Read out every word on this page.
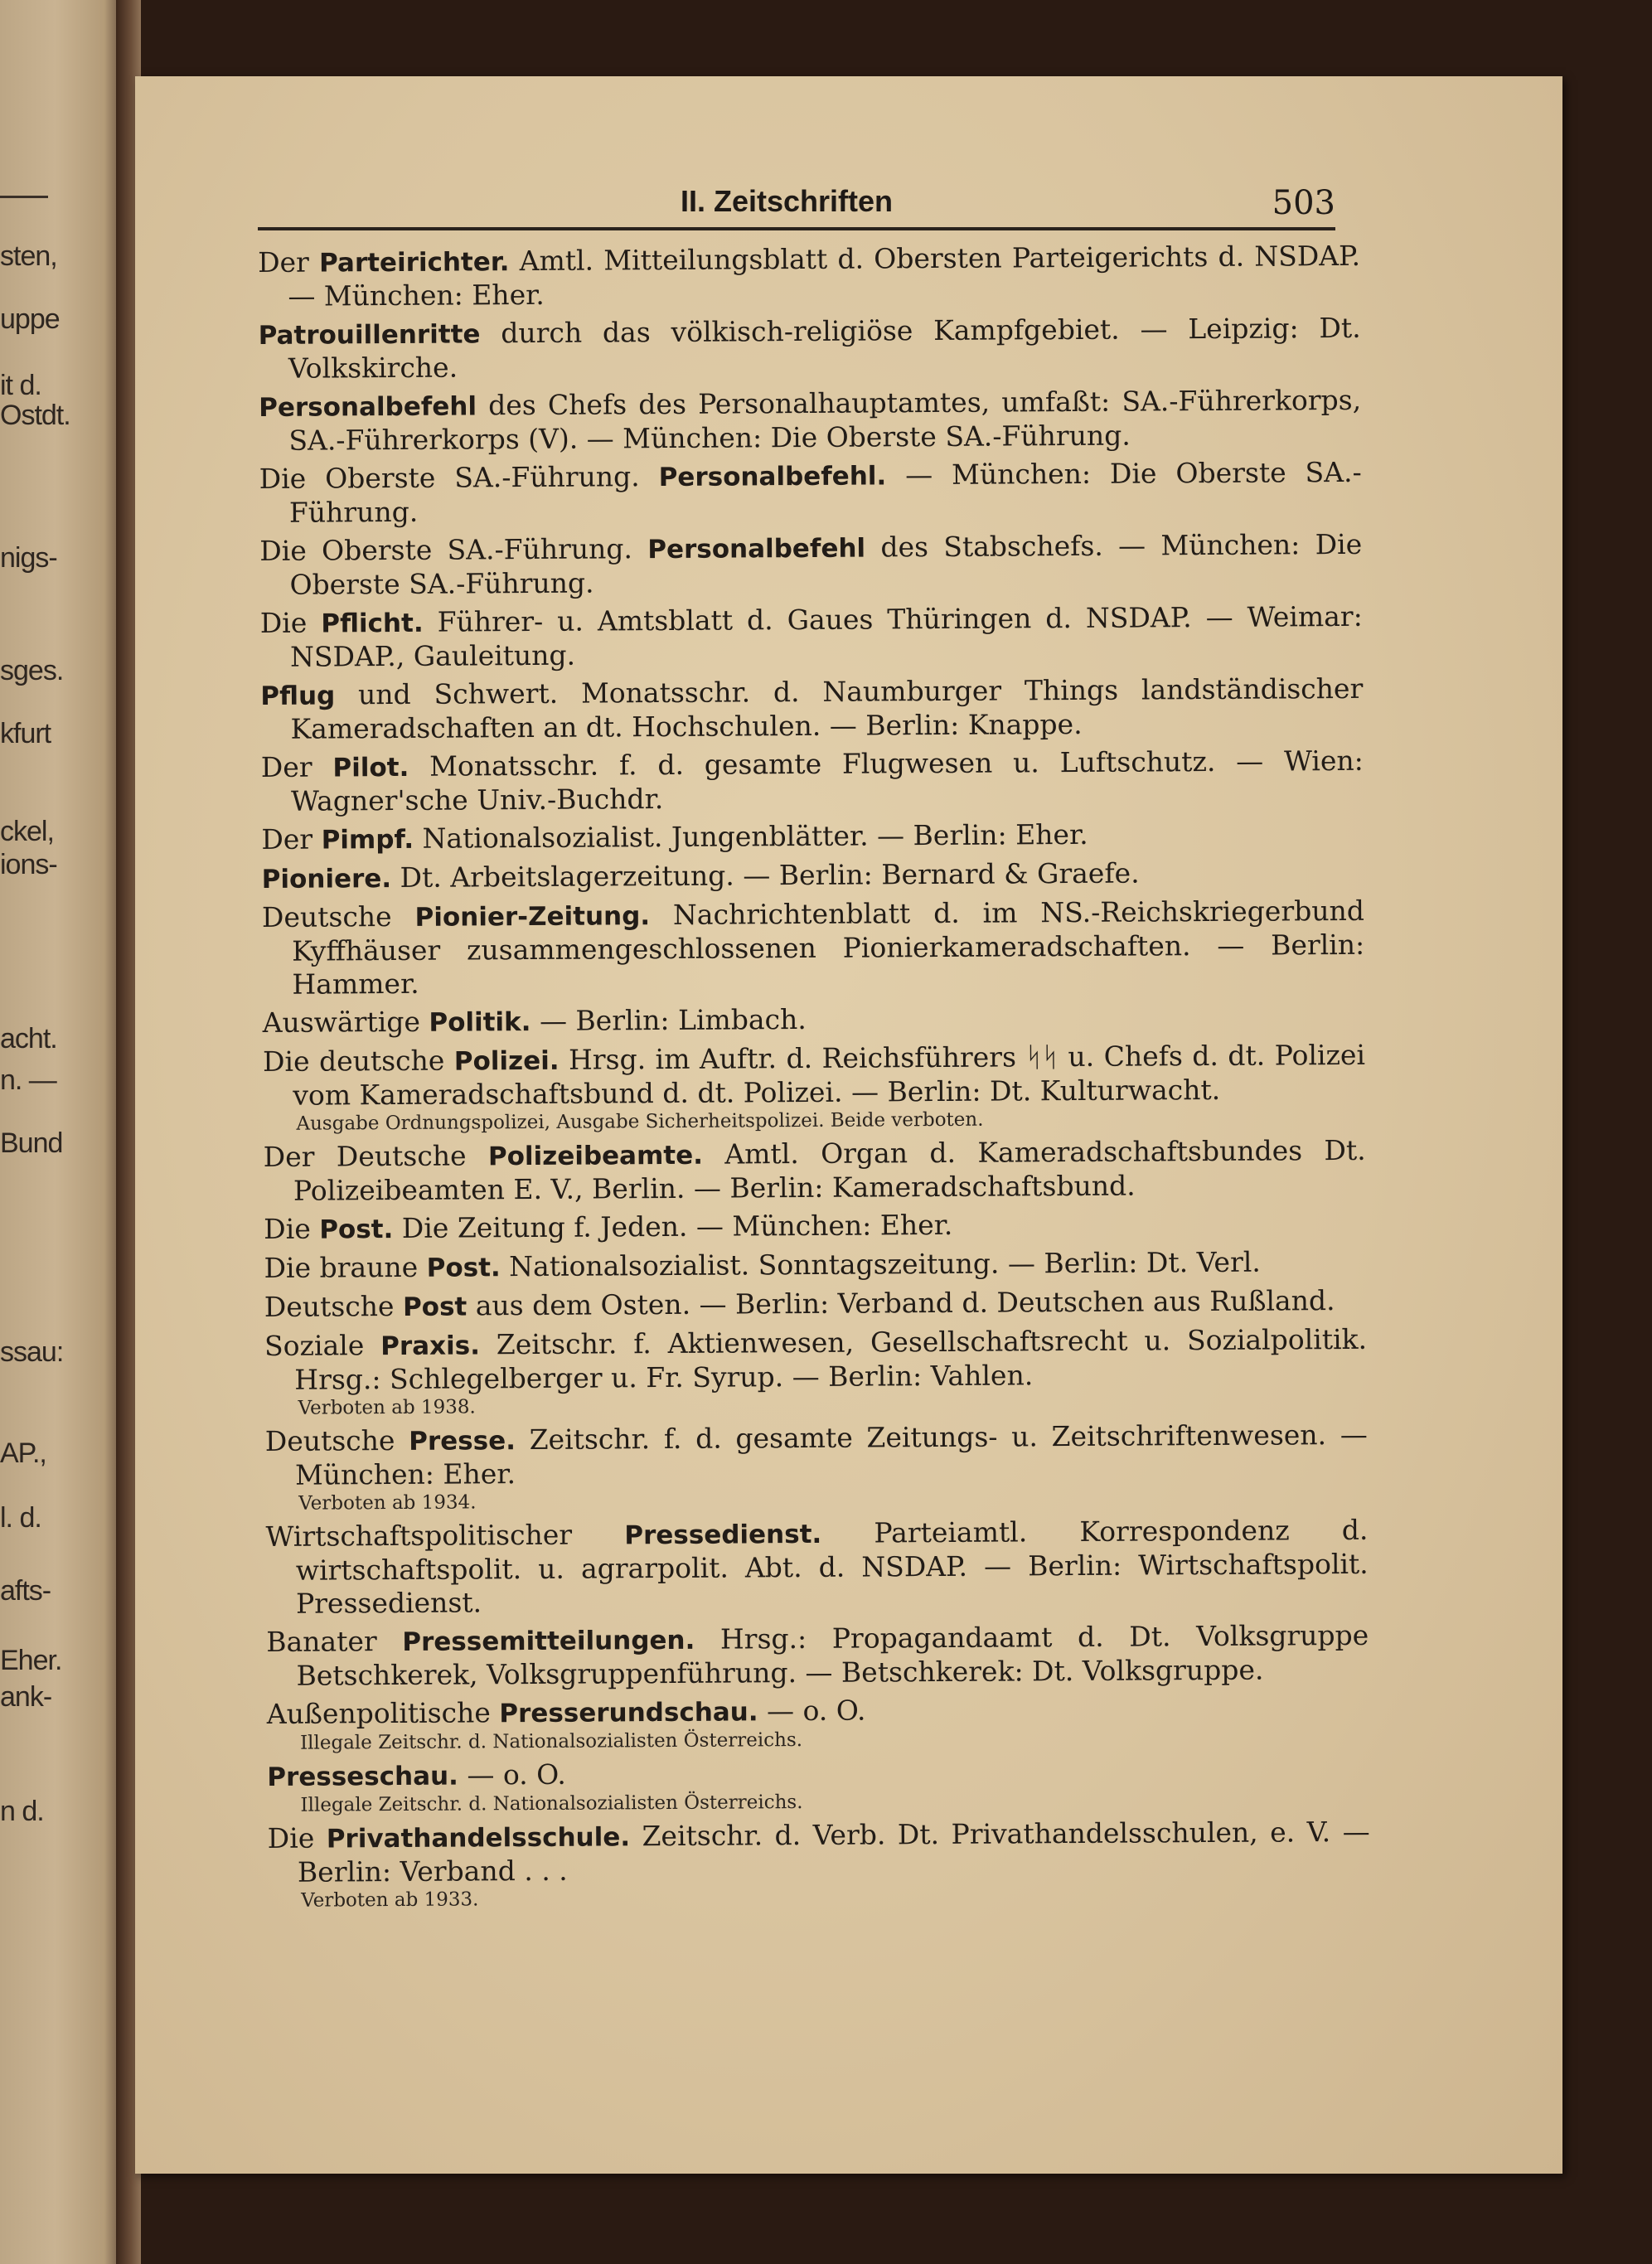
sten,
uppe
it d.
Ostdt.
nigs-
sges.
kfurt
ckel,
ions-
acht.
n. —
Bund
ssau:
AP.,
l. d.
afts-
Eher.
ank-
n d.
II. Zeitschriften	503
Der Parteirichter. Amtl. Mitteilungsblatt d. Obersten Parteigerichts d. NSDAP. — München: Eher.
Patrouillenritte durch das völkisch-religiöse Kampfgebiet. — Leipzig: Dt. Volkskirche.
Personalbefehl des Chefs des Personalhauptamtes, umfaßt: SA.-Führerkorps, SA.-Führerkorps (V). — München: Die Oberste SA.-Führung.
Die Oberste SA.-Führung. Personalbefehl. — München: Die Oberste SA.-Führung.
Die Oberste SA.-Führung. Personalbefehl des Stabschefs. — München: Die Oberste SA.-Führung.
Die Pflicht. Führer- u. Amtsblatt d. Gaues Thüringen d. NSDAP. — Weimar: NSDAP., Gauleitung.
Pflug und Schwert. Monatsschr. d. Naumburger Things landständischer Kameradschaften an dt. Hochschulen. — Berlin: Knappe.
Der Pilot. Monatsschr. f. d. gesamte Flugwesen u. Luftschutz. — Wien: Wagner'sche Univ.-Buchdr.
Der Pimpf. Nationalsozialist. Jungenblätter. — Berlin: Eher.
Pioniere. Dt. Arbeitslagerzeitung. — Berlin: Bernard & Graefe.
Deutsche Pionier-Zeitung. Nachrichtenblatt d. im NS.-Reichskriegerbund Kyffhäuser zusammengeschlossenen Pionierkameradschaften. — Berlin: Hammer.
Auswärtige Politik. — Berlin: Limbach.
Die deutsche Polizei. Hrsg. im Auftr. d. Reichsführers ᛋᛋ u. Chefs d. dt. Polizei vom Kameradschaftsbund d. dt. Polizei. — Berlin: Dt. Kulturwacht.
Ausgabe Ordnungspolizei, Ausgabe Sicherheitspolizei. Beide verboten.
Der Deutsche Polizeibeamte. Amtl. Organ d. Kameradschaftsbundes Dt. Polizeibeamten E. V., Berlin. — Berlin: Kameradschaftsbund.
Die Post. Die Zeitung f. Jeden. — München: Eher.
Die braune Post. Nationalsozialist. Sonntagszeitung. — Berlin: Dt. Verl.
Deutsche Post aus dem Osten. — Berlin: Verband d. Deutschen aus Rußland.
Soziale Praxis. Zeitschr. f. Aktienwesen, Gesellschaftsrecht u. Sozialpolitik. Hrsg.: Schlegelberger u. Fr. Syrup. — Berlin: Vahlen.
Verboten ab 1938.
Deutsche Presse. Zeitschr. f. d. gesamte Zeitungs- u. Zeitschriftenwesen. — München: Eher.
Verboten ab 1934.
Wirtschaftspolitischer Pressedienst. Parteiamtl. Korrespondenz d. wirtschaftspolit. u. agrarpolit. Abt. d. NSDAP. — Berlin: Wirtschaftspolit. Pressedienst.
Banater Pressemitteilungen. Hrsg.: Propagandaamt d. Dt. Volksgruppe Betschkerek, Volksgruppenführung. — Betschkerek: Dt. Volksgruppe.
Außenpolitische Presserundschau. — o. O.
Illegale Zeitschr. d. Nationalsozialisten Österreichs.
Presseschau. — o. O.
Illegale Zeitschr. d. Nationalsozialisten Österreichs.
Die Privathandelsschule. Zeitschr. d. Verb. Dt. Privathandelsschulen, e. V. — Berlin: Verband . . .
Verboten ab 1933.
